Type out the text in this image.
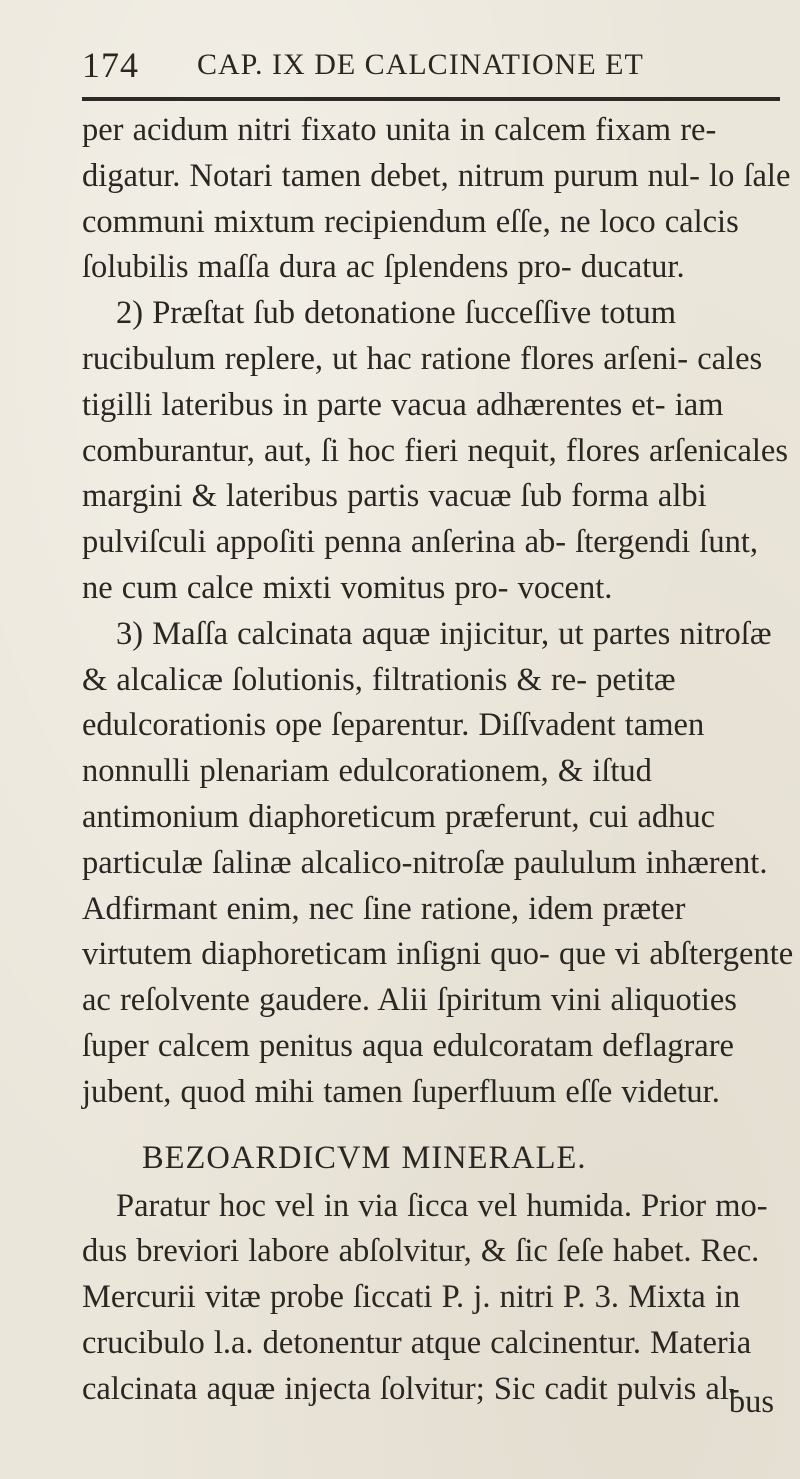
174 CAP. IX DE CALCINATIONE ET

per acidum nitri fixato unita in calcem fixam re- digatur. Notari tamen debet, nitrum purum nul- lo ſale communi mixtum recipiendum eſſe, ne loco calcis ſolubilis maſſa dura ac ſplendens pro- ducatur.

2) Præſtat ſub detonatione ſucceſſive totum rucibulum replere, ut hac ratione flores arſeni- cales tigilli lateribus in parte vacua adhærentes et- iam comburantur, aut, ſi hoc fieri nequit, flores arſenicales margini & lateribus partis vacuæ ſub forma albi pulviſculi appoſiti penna anſerina ab- ſtergendi ſunt, ne cum calce mixti vomitus pro- vocent.

3) Maſſa calcinata aquæ injicitur, ut partes nitroſæ & alcalicæ ſolutionis, filtrationis & re- petitæ edulcorationis ope ſeparentur. Diſſvadent tamen nonnulli plenariam edulcorationem, & iſtud antimonium diaphoreticum præferunt, cui adhuc particulæ ſalinæ alcalico-nitroſæ paululum inhærent. Adfirmant enim, nec ſine ratione, idem præter virtutem diaphoreticam inſigni quo- que vi abſtergente ac reſolvente gaudere. Alii ſpiritum vini aliquoties ſuper calcem penitus aqua edulcoratam deflagrare jubent, quod mihi tamen ſuperfluum eſſe videtur.

BEZOARDICVM MINERALE.

Paratur hoc vel in via ſicca vel humida. Prior mo- dus breviori labore abſolvitur, & ſic ſeſe habet. Rec. Mercurii vitæ probe ſiccati P. j. nitri P. 3. Mixta in crucibulo l.a. detonentur atque calcinentur. Materia calcinata aquæ injecta ſolvitur; Sic cadit pulvis al-

bus
